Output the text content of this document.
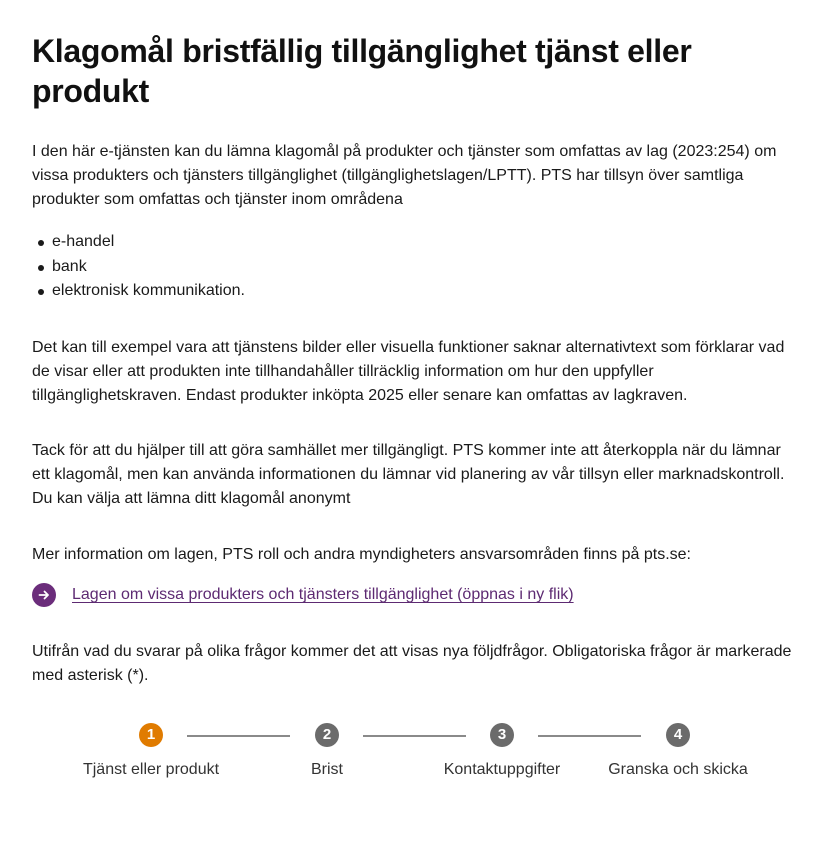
Klagomål bristfällig tillgänglighet tjänst eller produkt

I den här e-tjänsten kan du lämna klagomål på produkter och tjänster som omfattas av lag (2023:254) om vissa produkters och tjänsters tillgänglighet (tillgänglighetslagen/LPTT). PTS har tillsyn över samtliga produkter som omfattas och tjänster inom områdena

e-handel
bank
elektronisk kommunikation.

Det kan till exempel vara att tjänstens bilder eller visuella funktioner saknar alternativtext som förklarar vad de visar eller att produkten inte tillhandahåller tillräcklig information om hur den uppfyller tillgänglighetskraven. Endast produkter inköpta 2025 eller senare kan omfattas av lagkraven.

Tack för att du hjälper till att göra samhället mer tillgängligt. PTS kommer inte att återkoppla när du lämnar ett klagomål, men kan använda informationen du lämnar vid planering av vår tillsyn eller marknadskontroll. Du kan välja att lämna ditt klagomål anonymt

Mer information om lagen, PTS roll och andra myndigheters ansvarsområden finns på pts.se:

Lagen om vissa produkters och tjänsters tillgänglighet (öppnas i ny flik)

Utifrån vad du svarar på olika frågor kommer det att visas nya följdfrågor. Obligatoriska frågor är markerade med asterisk (*).

1
Tjänst eller produkt
2
Brist
3
Kontaktuppgifter
4
Granska och skicka
